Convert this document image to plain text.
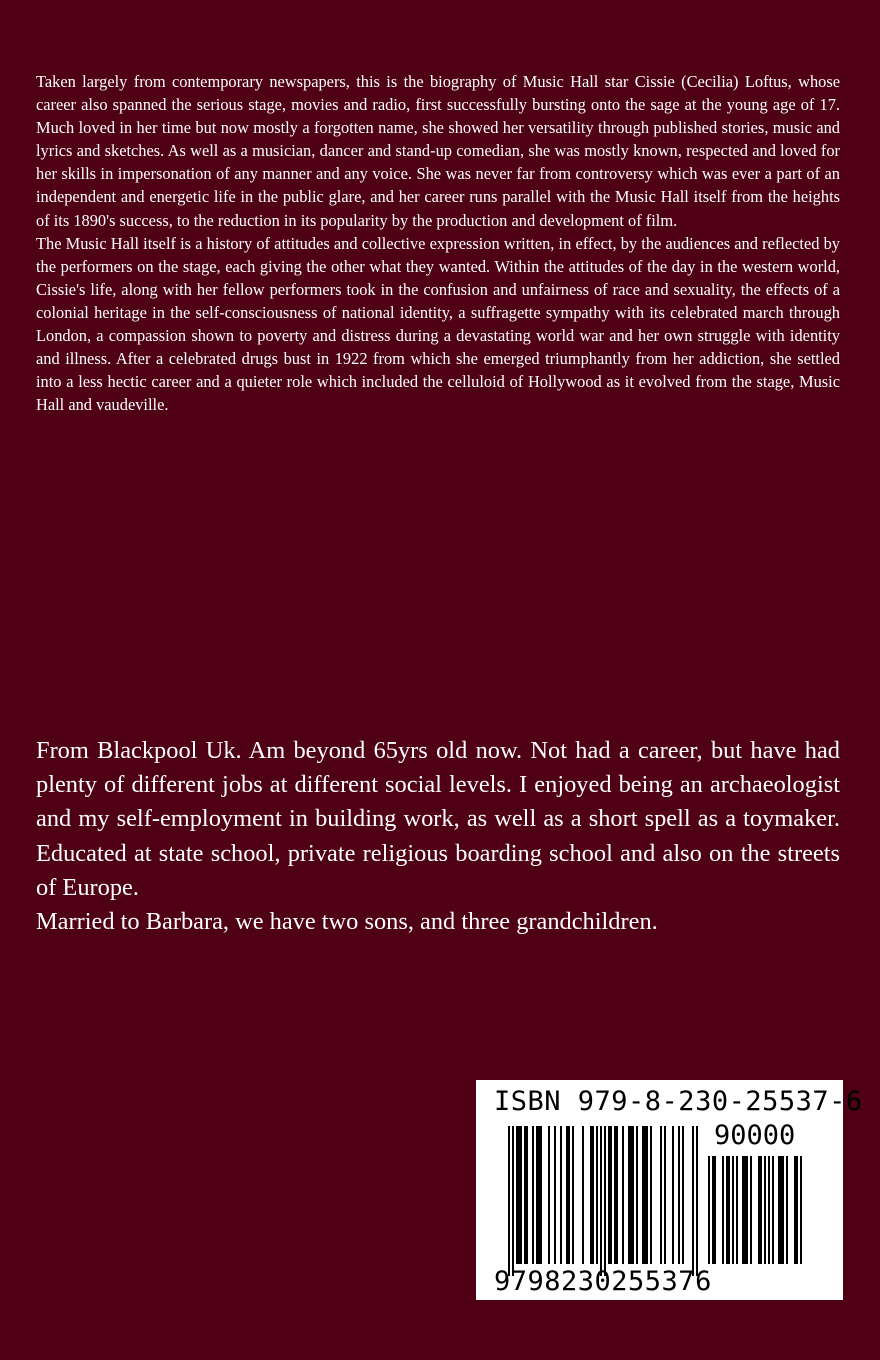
Taken largely from contemporary newspapers, this is the biography of Music Hall star Cissie (Cecilia) Loftus, whose career also spanned the serious stage, movies and radio, first successfully bursting onto the sage at the young age of 17. Much loved in her time but now mostly a forgotten name, she showed her versatility through published stories, music and lyrics and sketches. As well as a musician, dancer and stand-up comedian, she was mostly known, respected and loved for her skills in impersonation of any manner and any voice. She was never far from controversy which was ever a part of an independent and energetic life in the public glare, and her career runs parallel with the Music Hall itself from the heights of its 1890's success, to the reduction in its popularity by the production and development of film.

The Music Hall itself is a history of attitudes and collective expression written, in effect, by the audiences and reflected by the performers on the stage, each giving the other what they wanted. Within the attitudes of the day in the western world, Cissie's life, along with her fellow performers took in the confusion and unfairness of race and sexuality, the effects of a colonial heritage in the self-consciousness of national identity, a suffragette sympathy with its celebrated march through London, a compassion shown to poverty and distress during a devastating world war and her own struggle with identity and illness. After a celebrated drugs bust in 1922 from which she emerged triumphantly from her addiction, she settled into a less hectic career and a quieter role which included the celluloid of Hollywood as it evolved from the stage, Music Hall and vaudeville.

From Blackpool Uk. Am beyond 65yrs old now. Not had a career, but have had plenty of different jobs at different social levels. I enjoyed being an archaeologist and my self-employment in building work, as well as a short spell as a toymaker. Educated at state school, private religious boarding school and also on the streets of Europe.

Married to Barbara, we have two sons, and three grandchildren.

ISBN 979-8-230-25537-6
90000
9798230255376
